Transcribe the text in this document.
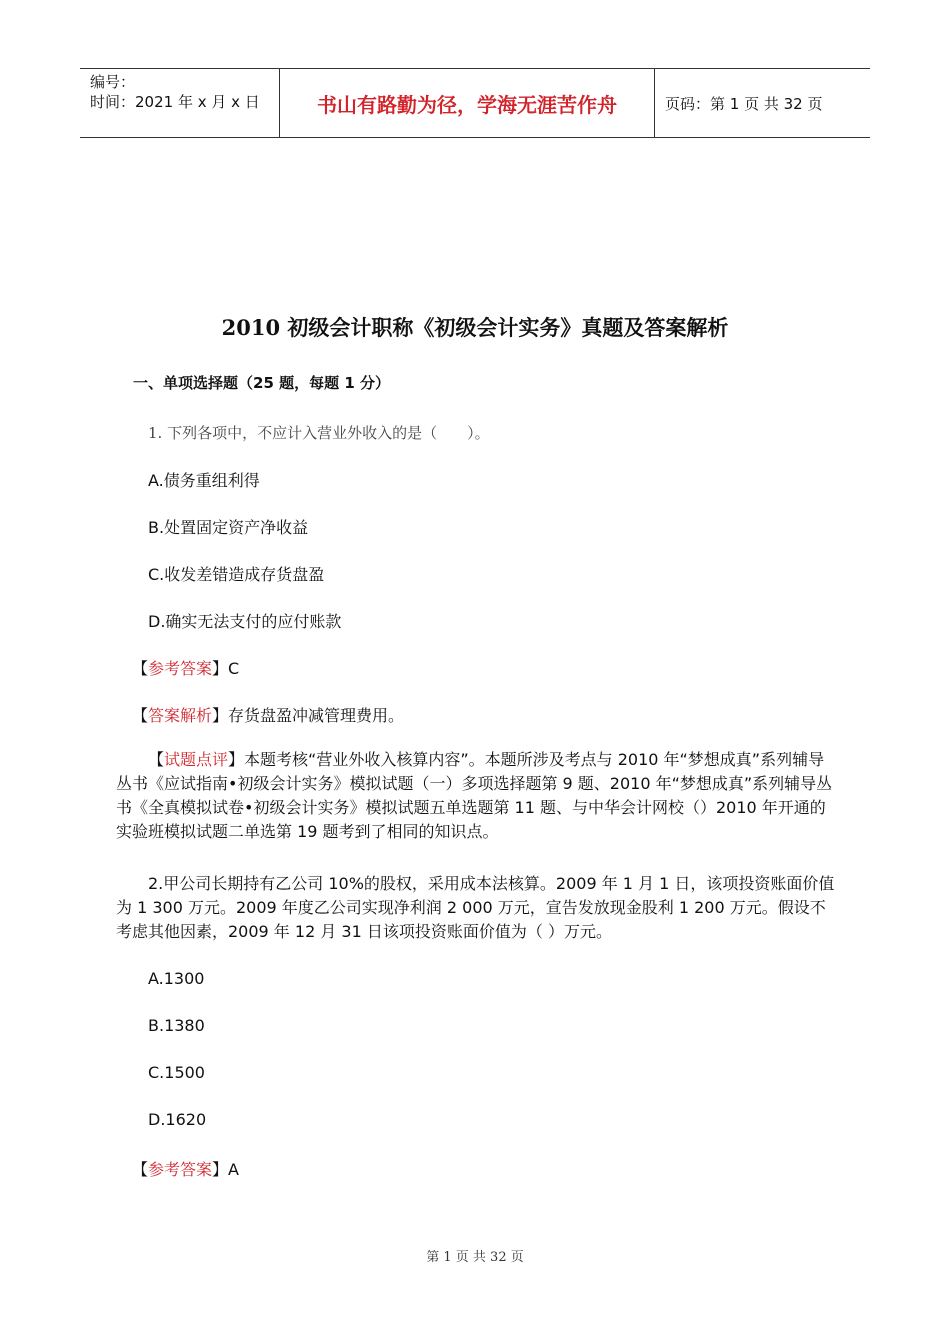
编号：
时间：2021 年 x 月 x 日	书山有路勤为径，学海无涯苦作舟	页码：第 1 页 共 32 页
2010 初级会计职称《初级会计实务》真题及答案解析
一、单项选择题（25 题，每题 1 分）
1. 下列各项中，不应计入营业外收入的是（　　）。
A.债务重组利得
B.处置固定资产净收益
C.收发差错造成存货盘盈
D.确实无法支付的应付账款
【参考答案】C
【答案解析】存货盘盈冲减管理费用。
【试题点评】本题考核“营业外收入核算内容”。本题所涉及考点与 2010 年“梦想成真”系列辅导丛书《应试指南•初级会计实务》模拟试题（一）多项选择题第 9 题、2010 年“梦想成真”系列辅导丛书《全真模拟试卷•初级会计实务》模拟试题五单选题第 11 题、与中华会计网校（）2010 年开通的实验班模拟试题二单选第 19 题考到了相同的知识点。
2.甲公司长期持有乙公司 10%的股权，采用成本法核算。2009 年 1 月 1 日，该项投资账面价值为 1 300 万元。2009 年度乙公司实现净利润 2 000 万元，宣告发放现金股利 1 200 万元。假设不考虑其他因素，2009 年 12 月 31 日该项投资账面价值为（ ）万元。
A.1300
B.1380
C.1500
D.1620
【参考答案】A
第 1 页 共 32 页
